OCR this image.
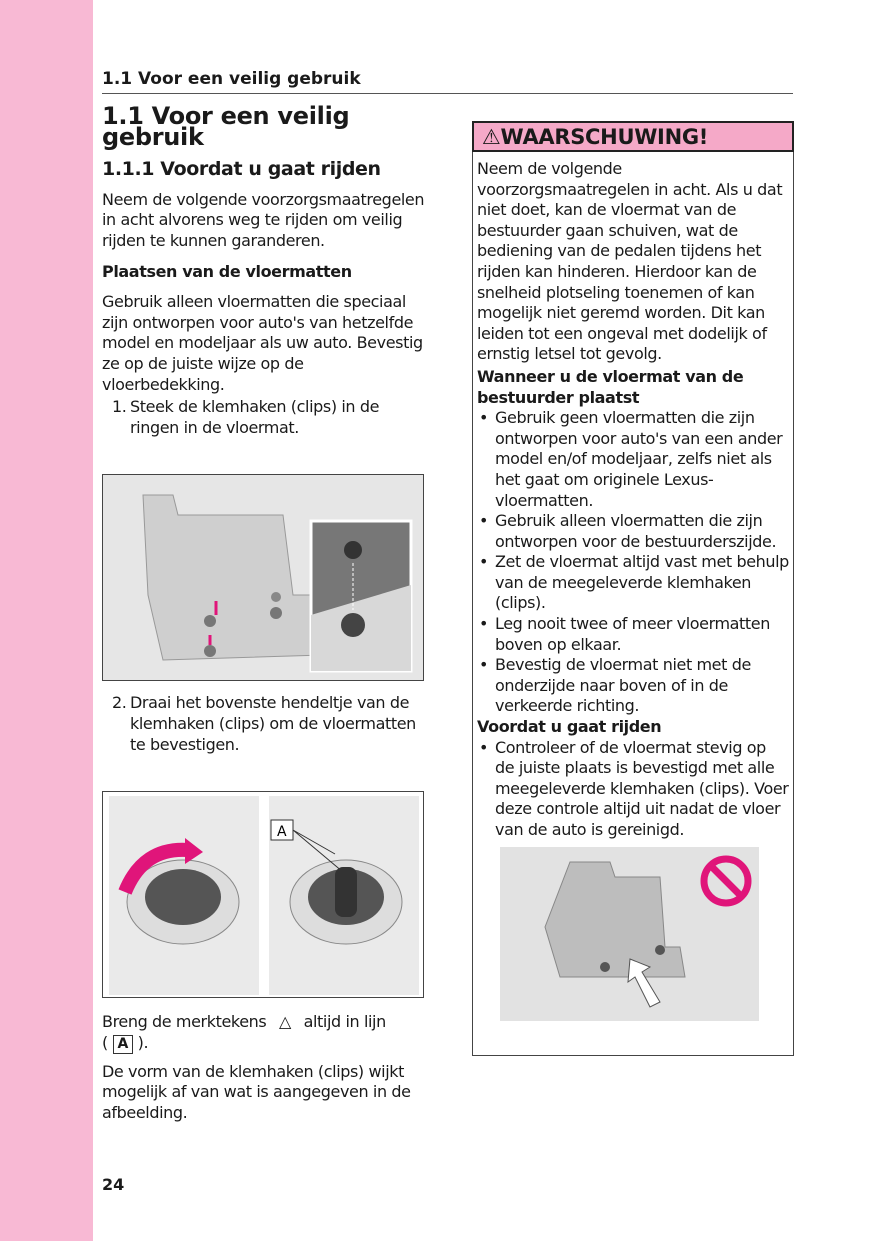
1.1 Voor een veilig gebruik
1.1 Voor een veilig gebruik
1.1.1 Voordat u gaat rijden

Neem de volgende voorzorgsmaatregelen in acht alvorens weg te rijden om veilig rijden te kunnen garanderen.

Plaatsen van de vloermatten

Gebruik alleen vloermatten die speciaal zijn ontworpen voor auto's van hetzelfde model en modeljaar als uw auto. Bevestig ze op de juiste wijze op de vloerbedekking.

1. Steek de klemhaken (clips) in de ringen in de vloermat.
2. Draai het bovenste hendeltje van de klemhaken (clips) om de vloermatten te bevestigen.
A

Breng de merktekens △ altijd in lijn
( A ).

De vorm van de klemhaken (clips) wijkt mogelijk af van wat is aangegeven in de afbeelding.

⚠WAARSCHUWING!
Neem de volgende voorzorgsmaatregelen in acht. Als u dat niet doet, kan de vloermat van de bestuurder gaan schuiven, wat de bediening van de pedalen tijdens het rijden kan hinderen. Hierdoor kan de snelheid plotseling toenemen of kan mogelijk niet geremd worden. Dit kan leiden tot een ongeval met dodelijk of ernstig letsel tot gevolg.
Wanneer u de vloermat van de bestuurder plaatst
• Gebruik geen vloermatten die zijn ontworpen voor auto's van een ander model en/of modeljaar, zelfs niet als het gaat om originele Lexus-vloermatten.
• Gebruik alleen vloermatten die zijn ontworpen voor de bestuurderszijde.
• Zet de vloermat altijd vast met behulp van de meegeleverde klemhaken (clips).
• Leg nooit twee of meer vloermatten boven op elkaar.
• Bevestig de vloermat niet met de onderzijde naar boven of in de verkeerde richting.
Voordat u gaat rijden
• Controleer of de vloermat stevig op de juiste plaats is bevestigd met alle meegeleverde klemhaken (clips). Voer deze controle altijd uit nadat de vloer van de auto is gereinigd.
24
